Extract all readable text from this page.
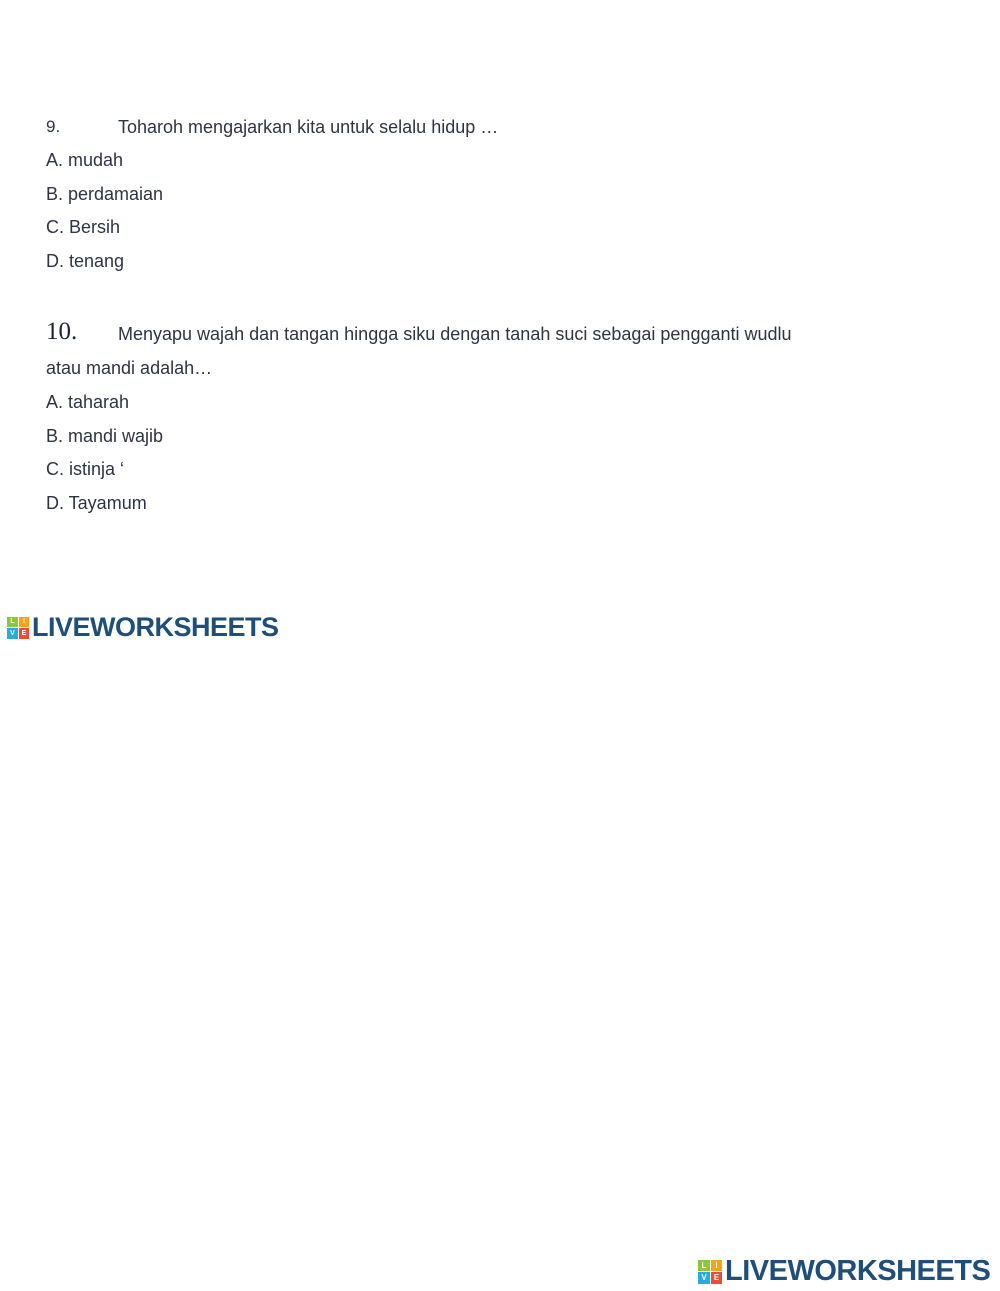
9.	Toharoh mengajarkan kita untuk selalu hidup …
A. mudah
B. perdamaian
C. Bersih
D. tenang
10. Menyapu wajah dan tangan hingga siku dengan tanah suci sebagai pengganti wudlu
atau mandi adalah…
A. taharah
B. mandi wajib
C. istinja ‘
D. Tayamum
L	I
V	E LIVEWORKSHEETS
L	I
V E LIVEWORKSHEETS
